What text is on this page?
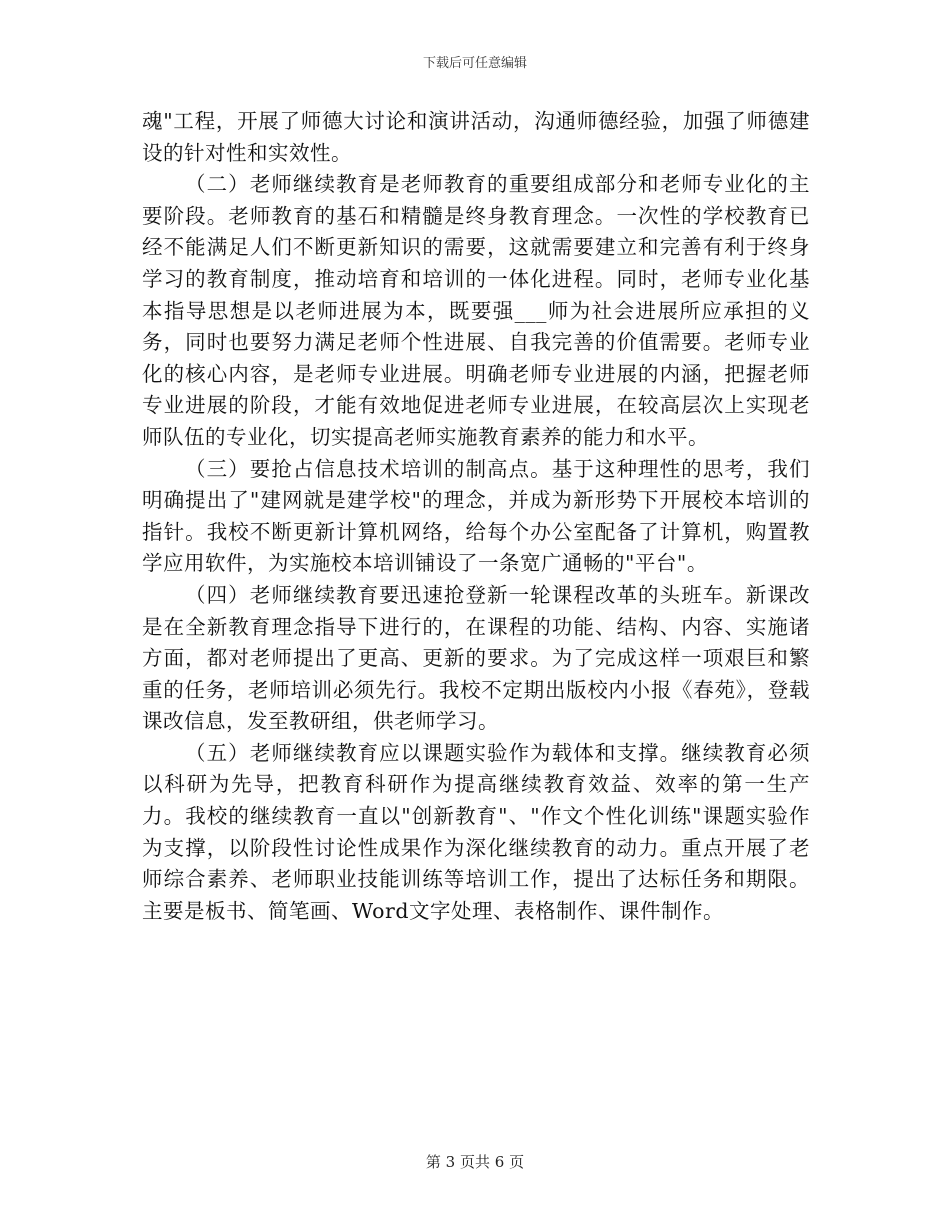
下载后可任意编辑

魂"工程，开展了师德大讨论和演讲活动，沟通师德经验，加强了师德建设的针对性和实效性。

（二）老师继续教育是老师教育的重要组成部分和老师专业化的主要阶段。老师教育的基石和精髓是终身教育理念。一次性的学校教育已经不能满足人们不断更新知识的需要，这就需要建立和完善有利于终身学习的教育制度，推动培育和培训的一体化进程。同时，老师专业化基本指导思想是以老师进展为本，既要强___师为社会进展所应承担的义务，同时也要努力满足老师个性进展、自我完善的价值需要。老师专业化的核心内容，是老师专业进展。明确老师专业进展的内涵，把握老师专业进展的阶段，才能有效地促进老师专业进展，在较高层次上实现老师队伍的专业化，切实提高老师实施教育素养的能力和水平。

（三）要抢占信息技术培训的制高点。基于这种理性的思考，我们明确提出了"建网就是建学校"的理念，并成为新形势下开展校本培训的指针。我校不断更新计算机网络，给每个办公室配备了计算机，购置教学应用软件，为实施校本培训铺设了一条宽广通畅的"平台"。

（四）老师继续教育要迅速抢登新一轮课程改革的头班车。新课改是在全新教育理念指导下进行的，在课程的功能、结构、内容、实施诸方面，都对老师提出了更高、更新的要求。为了完成这样一项艰巨和繁重的任务，老师培训必须先行。我校不定期出版校内小报《春苑》，登载课改信息，发至教研组，供老师学习。

（五）老师继续教育应以课题实验作为载体和支撑。继续教育必须以科研为先导，把教育科研作为提高继续教育效益、效率的第一生产力。我校的继续教育一直以"创新教育"、"作文个性化训练"课题实验作为支撑，以阶段性讨论性成果作为深化继续教育的动力。重点开展了老师综合素养、老师职业技能训练等培训工作，提出了达标任务和期限。主要是板书、简笔画、Word文字处理、表格制作、课件制作。

第 3 页共 6 页
